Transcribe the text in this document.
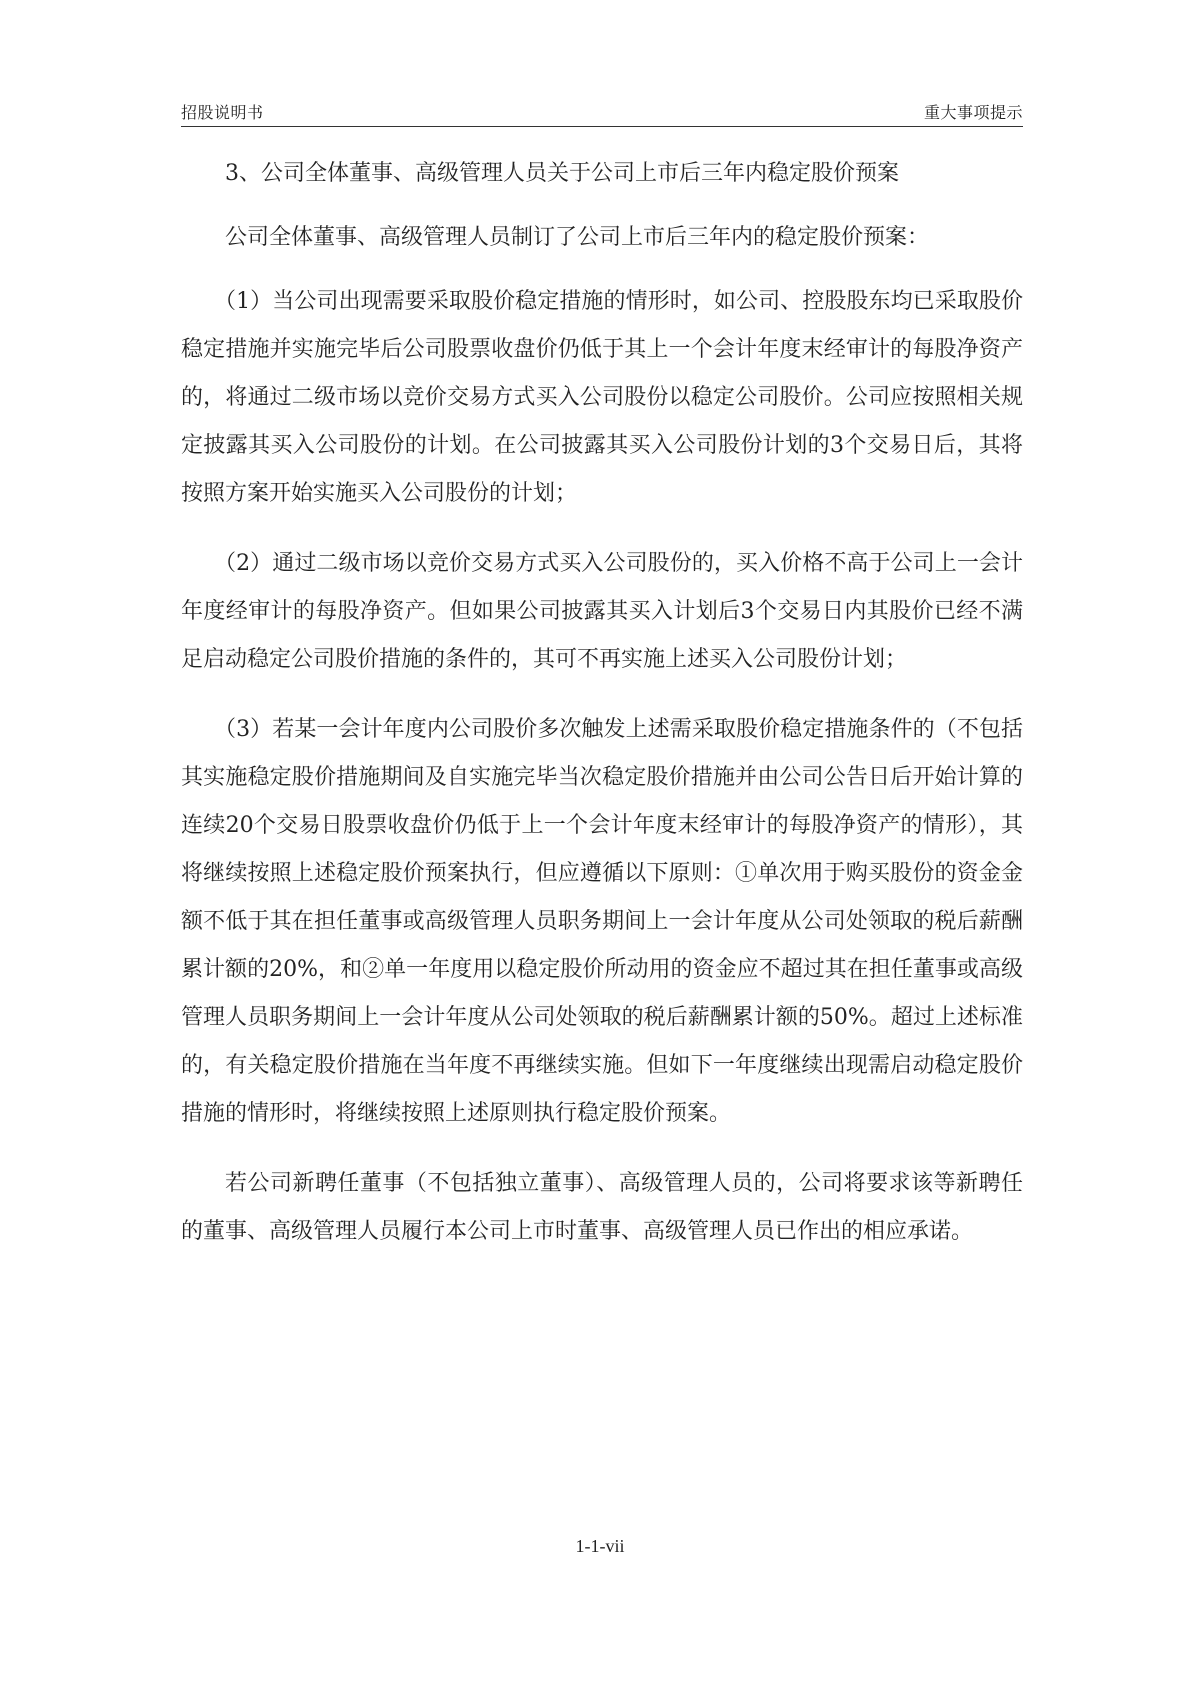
招股说明书	重大事项提示

3、公司全体董事、高级管理人员关于公司上市后三年内稳定股价预案

公司全体董事、高级管理人员制订了公司上市后三年内的稳定股价预案：

（1）当公司出现需要采取股价稳定措施的情形时，如公司、控股股东均已采取股价稳定措施并实施完毕后公司股票收盘价仍低于其上一个会计年度末经审计的每股净资产的，将通过二级市场以竞价交易方式买入公司股份以稳定公司股价。公司应按照相关规定披露其买入公司股份的计划。在公司披露其买入公司股份计划的3个交易日后，其将按照方案开始实施买入公司股份的计划；

（2）通过二级市场以竞价交易方式买入公司股份的，买入价格不高于公司上一会计年度经审计的每股净资产。但如果公司披露其买入计划后3个交易日内其股价已经不满足启动稳定公司股价措施的条件的，其可不再实施上述买入公司股份计划；

（3）若某一会计年度内公司股价多次触发上述需采取股价稳定措施条件的（不包括其实施稳定股价措施期间及自实施完毕当次稳定股价措施并由公司公告日后开始计算的连续20个交易日股票收盘价仍低于上一个会计年度末经审计的每股净资产的情形），其将继续按照上述稳定股价预案执行，但应遵循以下原则：①单次用于购买股份的资金金额不低于其在担任董事或高级管理人员职务期间上一会计年度从公司处领取的税后薪酬累计额的20%，和②单一年度用以稳定股价所动用的资金应不超过其在担任董事或高级管理人员职务期间上一会计年度从公司处领取的税后薪酬累计额的50%。超过上述标准的，有关稳定股价措施在当年度不再继续实施。但如下一年度继续出现需启动稳定股价措施的情形时，将继续按照上述原则执行稳定股价预案。

若公司新聘任董事（不包括独立董事）、高级管理人员的，公司将要求该等新聘任的董事、高级管理人员履行本公司上市时董事、高级管理人员已作出的相应承诺。

1-1-vii
